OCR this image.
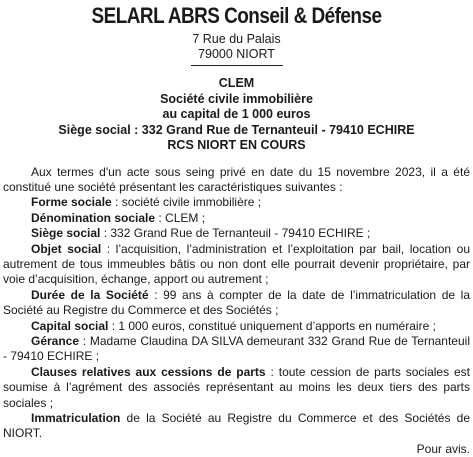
SELARL ABRS Conseil & Défense
7 Rue du Palais
79000 NIORT
CLEM
Société civile immobilière
au capital de 1 000 euros
Siège social : 332 Grand Rue de Ternanteuil - 79410 ECHIRE
RCS NIORT EN COURS

Aux termes d'un acte sous seing privé en date du 15 novembre 2023, il a été constitué une société présentant les caractéristiques suivantes :

Forme sociale : société civile immobilière ;

Dénomination sociale : CLEM ;

Siège social : 332 Grand Rue de Ternanteuil - 79410 ECHIRE ;

Objet social : l’acquisition, l’administration et l’exploitation par bail, location ou autrement de tous immeubles bâtis ou non dont elle pourrait devenir propriétaire, par voie d’acquisition, échange, apport ou autrement ;

Durée de la Société : 99 ans à compter de la date de l’immatriculation de la Société au Registre du Commerce et des Sociétés ;

Capital social : 1 000 euros, constitué uniquement d’apports en numéraire ;

Gérance : Madame Claudina DA SILVA demeurant 332 Grand Rue de Ternanteuil - 79410 ECHIRE ;

Clauses relatives aux cessions de parts : toute cession de parts sociales est soumise à l’agrément des associés représentant au moins les deux tiers des parts sociales ;

Immatriculation de la Société au Registre du Commerce et des Sociétés de NIORT.

Pour avis.
